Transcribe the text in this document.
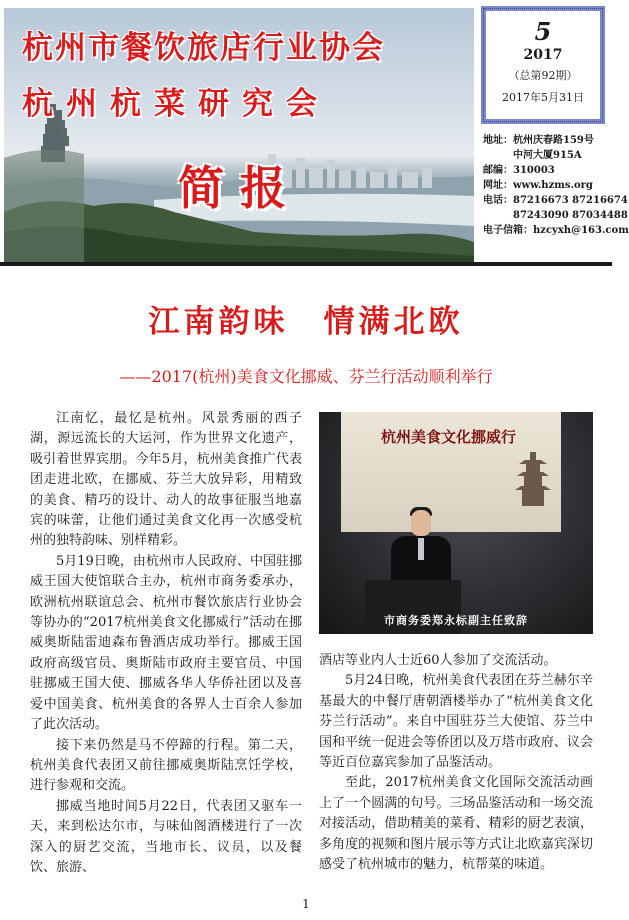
杭州市餐饮旅店行业协会
杭州杭菜研究会
简报
5
2017
（总第92期）
2017年5月31日
地址：杭州庆春路159号
中河大厦915A
邮编：310003
网址：www.hzms.org
电话：87216673 87216674
87243090 87034488
电子信箱：hzcyxh@163.com
江南韵味　情满北欧
——2017(杭州)美食文化挪威、芬兰行活动顺利举行

江南忆，最忆是杭州。风景秀丽的西子湖，源远流长的大运河，作为世界文化遗产，吸引着世界宾朋。今年5月，杭州美食推广代表团走进北欧，在挪威、芬兰大放异彩，用精致的美食、精巧的设计、动人的故事征服当地嘉宾的味蕾，让他们通过美食文化再一次感受杭州的独特韵味、别样精彩。

5月19日晚，由杭州市人民政府、中国驻挪威王国大使馆联合主办，杭州市商务委承办，欧洲杭州联谊总会、杭州市餐饮旅店行业协会等协办的“2017杭州美食文化挪威行”活动在挪威奥斯陆雷迪森布鲁酒店成功举行。挪威王国政府高级官员、奥斯陆市政府主要官员、中国驻挪威王国大使、挪威各华人华侨社团以及喜爱中国美食、杭州美食的各界人士百余人参加了此次活动。

接下来仍然是马不停蹄的行程。第二天，杭州美食代表团又前往挪威奥斯陆烹饪学校，进行参观和交流。

挪威当地时间5月22日，代表团又驱车一天，来到松达尔市，与味仙阁酒楼进行了一次深入的厨艺交流，当地市长、议员，以及餐饮、旅游、

杭州美食文化挪威行
市商务委郑永标副主任致辞

酒店等业内人士近60人参加了交流活动。

5月24日晚，杭州美食代表团在芬兰赫尔辛基最大的中餐厅唐朝酒楼举办了“杭州美食文化芬兰行活动”。来自中国驻芬兰大使馆、芬兰中国和平统一促进会等侨团以及万塔市政府、议会等近百位嘉宾参加了品鉴活动。

至此，2017杭州美食文化国际交流活动画上了一个圆满的句号。三场品鉴活动和一场交流对接活动，借助精美的菜肴、精彩的厨艺表演，多角度的视频和图片展示等方式让北欧嘉宾深切感受了杭州城市的魅力，杭帮菜的味道。

1
